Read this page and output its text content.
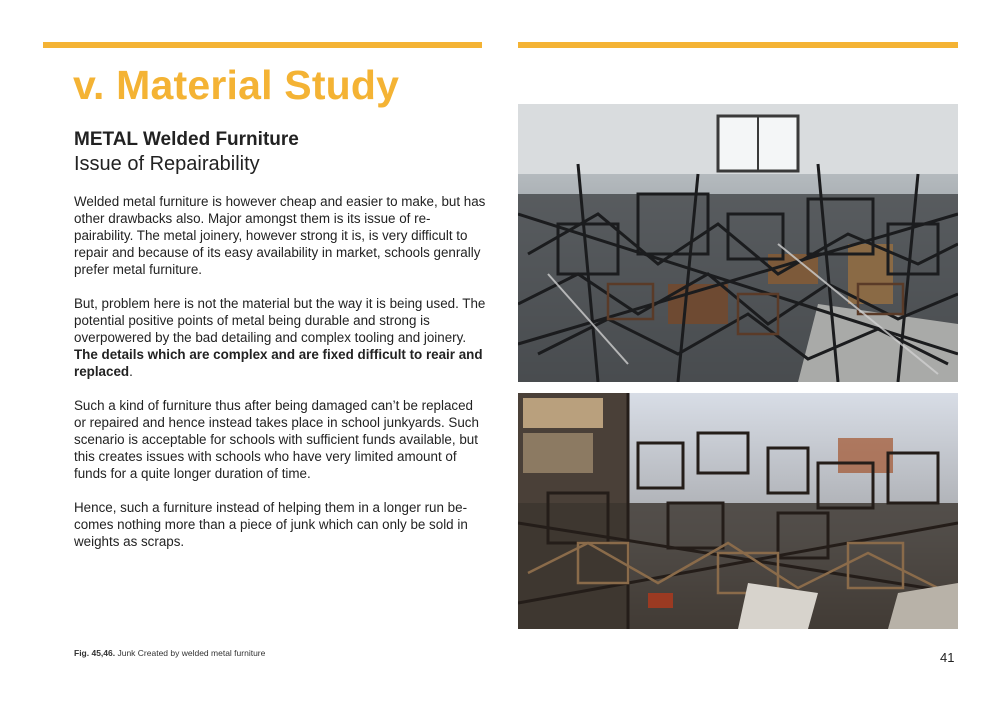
v. Material Study
METAL Welded Furniture
Issue of Repairability

Welded metal furniture is however cheap and easier to make, but has other drawbacks also. Major amongst them is its issue of re-pairability. The metal joinery, however strong it is, is very difficult to repair and because of its easy availability in market, schools genrally prefer metal furniture.

But, problem here is not the material but the way it is being used. The potential positive points of metal being durable and strong is overpowered by the bad detailing and complex tooling and joinery. The details which are complex and are fixed difficult to reair and replaced.

Such a kind of furniture thus after being damaged can’t be replaced or repaired and hence instead takes place in school junkyards. Such scenario is acceptable for schools with sufficient funds available, but this creates issues with schools who have very limited amount of funds for a quite longer duration of time.

Hence, such a furniture instead of helping them in a longer run be-comes nothing more than a piece of junk which can only be sold in weights as scraps.

Fig. 45,46. Junk Created by welded metal furniture	41
